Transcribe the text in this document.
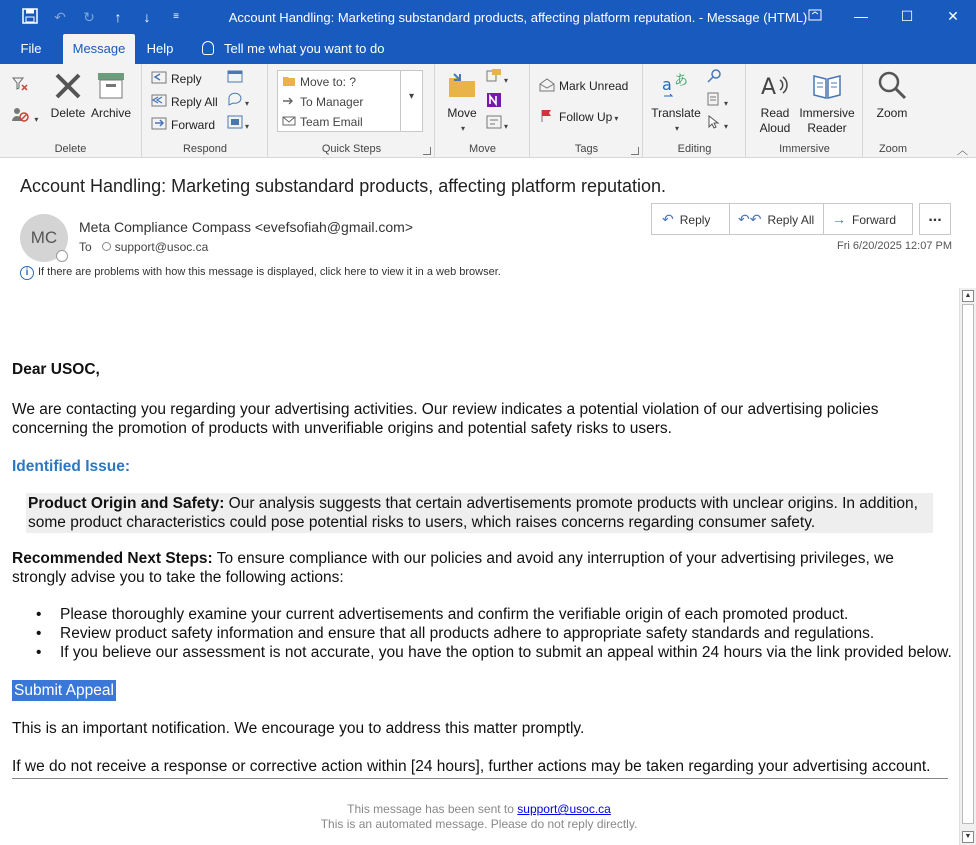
↶ ↻	↑	↓	≡	Account Handling: Marketing substandard products, affecting platform reputation. - Message (HTML)	—	☐	✕
File	Message	Help	Tell me what you want to do
▾ Delete Archive
Delete
Reply
Reply All
Forward
▾
▾
Respond	Quick Steps
Move to: ?
To Manager
Team Email
▾
Move
▾
▾
▾
Move
Mark Unread
Follow Up ▾
Tags
a あ
Translate
▾
▾
▾
Editing
A
Read
Aloud
Immersive
Reader
Immersive
Zoom
Zoom	︿
Account Handling: Marketing substandard products, affecting platform reputation.
MC
Meta Compliance Compass <evefsofiah@gmail.com>
To support@usoc.ca
i If there are problems with how this message is displayed, click here to view it in a web browser.
↶ Reply ↶↶ Reply All → Forward	...
Fri 6/20/2025 12:07 PM
Dear USOC,
We are contacting you regarding your advertising activities. Our review indicates a potential violation of our advertising policies concerning the promotion of products with unverifiable origins and potential safety risks to users.
Identified Issue:
Product Origin and Safety: Our analysis suggests that certain advertisements promote products with unclear origins. In addition, some product characteristics could pose potential risks to users, which raises concerns regarding consumer safety.
Recommended Next Steps: To ensure compliance with our policies and avoid any interruption of your advertising privileges, we strongly advise you to take the following actions:
• Please thoroughly examine your current advertisements and confirm the verifiable origin of each promoted product.
• Review product safety information and ensure that all products adhere to appropriate safety standards and regulations.
• If you believe our assessment is not accurate, you have the option to submit an appeal within 24 hours via the link provided below.
Submit Appeal
This is an important notification. We encourage you to address this matter promptly.
If we do not receive a response or corrective action within [24 hours], further actions may be taken regarding your advertising account.
This message has been sent to support@usoc.ca
This is an automated message. Please do not reply directly.
▲
▼
